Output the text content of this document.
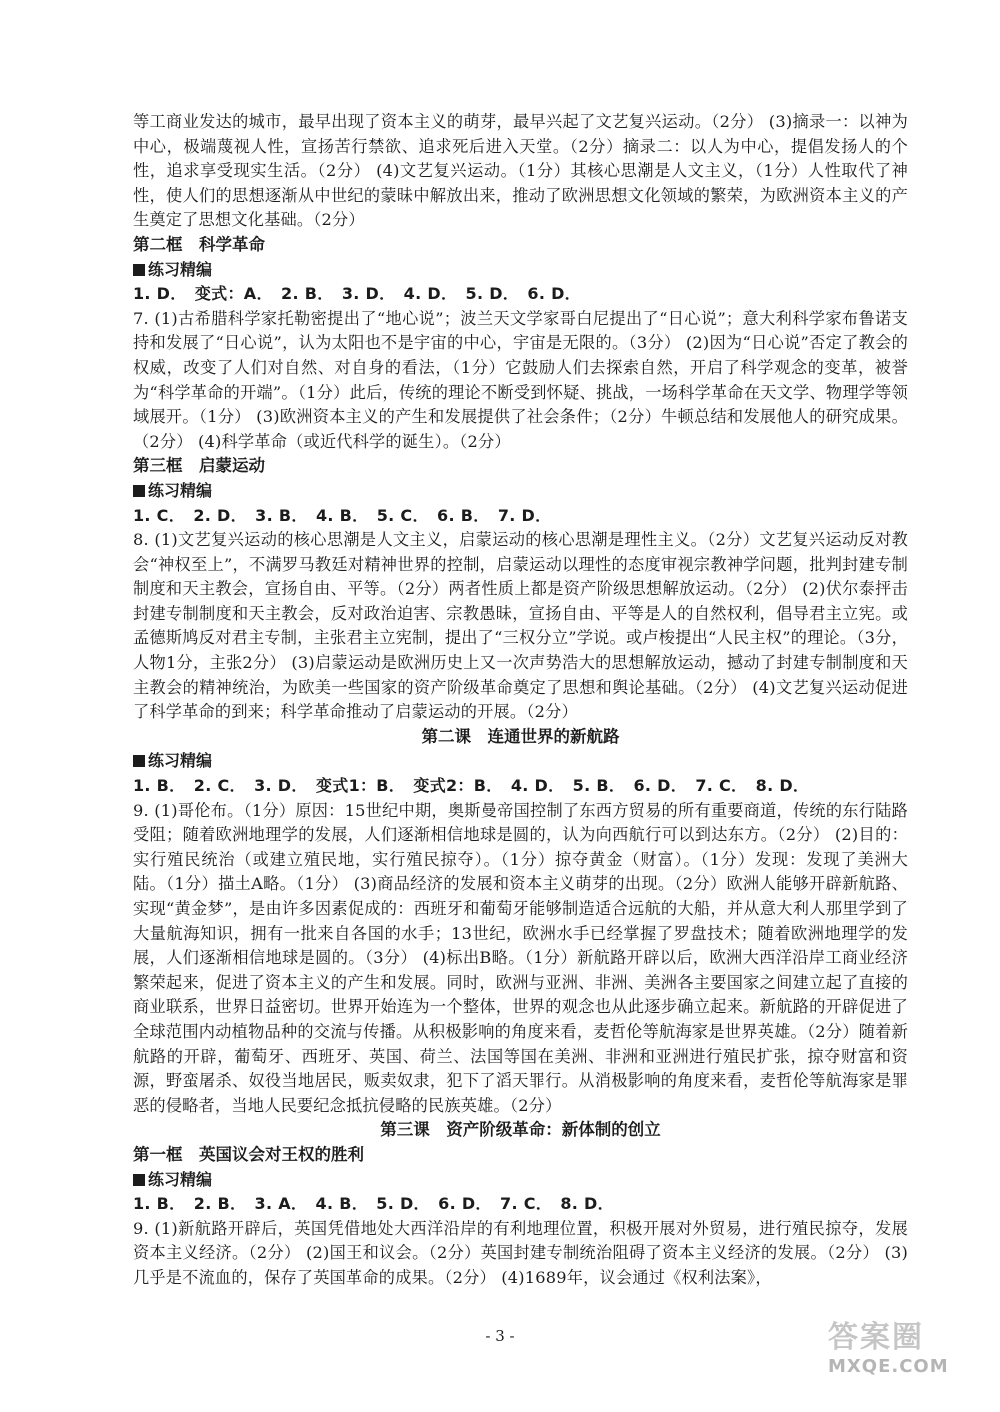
等工商业发达的城市，最早出现了资本主义的萌芽，最早兴起了文艺复兴运动。（2分） (3)摘录一：以神为中心，极端蔑视人性，宣扬苦行禁欲、追求死后进入天堂。（2分）摘录二：以人为中心，提倡发扬人的个性，追求享受现实生活。（2分） (4)文艺复兴运动。（1分）其核心思潮是人文主义，（1分）人性取代了神性，使人们的思想逐渐从中世纪的蒙昧中解放出来，推动了欧洲思想文化领域的繁荣，为欧洲资本主义的产生奠定了思想文化基础。（2分）

第二框　科学革命

练习精编

1. D．　变式：A．　2. B．　3. D．　4. D．　5. D．　6. D．

7. (1)古希腊科学家托勒密提出了“地心说”；波兰天文学家哥白尼提出了“日心说”；意大利科学家布鲁诺支持和发展了“日心说”，认为太阳也不是宇宙的中心，宇宙是无限的。（3分） (2)因为“日心说”否定了教会的权威，改变了人们对自然、对自身的看法，（1分）它鼓励人们去探索自然，开启了科学观念的变革，被誉为“科学革命的开端”。（1分）此后，传统的理论不断受到怀疑、挑战，一场科学革命在天文学、物理学等领域展开。（1分） (3)欧洲资本主义的产生和发展提供了社会条件；（2分）牛顿总结和发展他人的研究成果。（2分） (4)科学革命（或近代科学的诞生）。（2分）

第三框　启蒙运动

练习精编

1. C．　2. D．　3. B．　4. B．　5. C．　6. B．　7. D．

8. (1)文艺复兴运动的核心思潮是人文主义，启蒙运动的核心思潮是理性主义。（2分）文艺复兴运动反对教会“神权至上”，不满罗马教廷对精神世界的控制，启蒙运动以理性的态度审视宗教神学问题，批判封建专制制度和天主教会，宣扬自由、平等。（2分）两者性质上都是资产阶级思想解放运动。（2分） (2)伏尔泰抨击封建专制制度和天主教会，反对政治迫害、宗教愚昧，宣扬自由、平等是人的自然权利，倡导君主立宪。或孟德斯鸠反对君主专制，主张君主立宪制，提出了“三权分立”学说。或卢梭提出“人民主权”的理论。（3分，人物1分，主张2分） (3)启蒙运动是欧洲历史上又一次声势浩大的思想解放运动，撼动了封建专制制度和天主教会的精神统治，为欧美一些国家的资产阶级革命奠定了思想和舆论基础。（2分） (4)文艺复兴运动促进了科学革命的到来；科学革命推动了启蒙运动的开展。（2分）

第二课　连通世界的新航路

练习精编

1. B．　2. C．　3. D．　变式1：B．　变式2：B．　4. D．　5. B．　6. D．　7. C．　8. D．

9. (1)哥伦布。（1分）原因：15世纪中期，奥斯曼帝国控制了东西方贸易的所有重要商道，传统的东行陆路受阻；随着欧洲地理学的发展，人们逐渐相信地球是圆的，认为向西航行可以到达东方。（2分） (2)目的：实行殖民统治（或建立殖民地，实行殖民掠夺）。（1分）掠夺黄金（财富）。（1分）发现：发现了美洲大陆。（1分）描土A略。（1分） (3)商品经济的发展和资本主义萌芽的出现。（2分）欧洲人能够开辟新航路、实现“黄金梦”，是由许多因素促成的：西班牙和葡萄牙能够制造适合远航的大船，并从意大利人那里学到了大量航海知识，拥有一批来自各国的水手；13世纪，欧洲水手已经掌握了罗盘技术；随着欧洲地理学的发展，人们逐渐相信地球是圆的。（3分） (4)标出B略。（1分）新航路开辟以后，欧洲大西洋沿岸工商业经济繁荣起来，促进了资本主义的产生和发展。同时，欧洲与亚洲、非洲、美洲各主要国家之间建立起了直接的商业联系，世界日益密切。世界开始连为一个整体，世界的观念也从此逐步确立起来。新航路的开辟促进了全球范围内动植物品种的交流与传播。从积极影响的角度来看，麦哲伦等航海家是世界英雄。（2分）随着新航路的开辟，葡萄牙、西班牙、英国、荷兰、法国等国在美洲、非洲和亚洲进行殖民扩张，掠夺财富和资源，野蛮屠杀、奴役当地居民，贩卖奴隶，犯下了滔天罪行。从消极影响的角度来看，麦哲伦等航海家是罪恶的侵略者，当地人民要纪念抵抗侵略的民族英雄。（2分）

第三课　资产阶级革命：新体制的创立

第一框　英国议会对王权的胜利

练习精编

1. B．　2. B．　3. A．　4. B．　5. D．　6. D．　7. C．　8. D．

9. (1)新航路开辟后，英国凭借地处大西洋沿岸的有利地理位置，积极开展对外贸易，进行殖民掠夺，发展资本主义经济。（2分） (2)国王和议会。（2分）英国封建专制统治阻碍了资本主义经济的发展。（2分） (3)几乎是不流血的，保存了英国革命的成果。（2分） (4)1689年，议会通过《权利法案》，

- 3 -	答案圈
MXQE.COM
